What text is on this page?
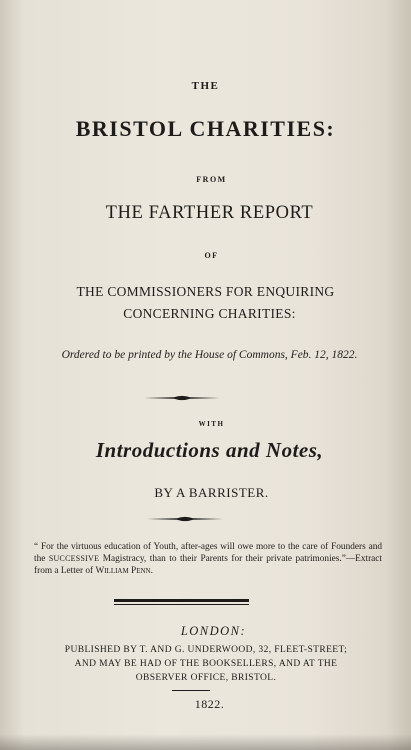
THE
BRISTOL CHARITIES:
FROM
THE FARTHER REPORT
OF
THE COMMISSIONERS FOR ENQUIRING
CONCERNING CHARITIES:
Ordered to be printed by the House of Commons, Feb. 12, 1822.
WITH
Introductions and Notes,
BY A BARRISTER.
“ For the virtuous education of Youth, after-ages will owe more to the care of Founders and the SUCCESSIVE Magistracy, than to their Parents for their private patrimonies.”—Extract from a Letter of William Penn.
LONDON:
PUBLISHED BY T. AND G. UNDERWOOD, 32, FLEET-STREET;
AND MAY BE HAD OF THE BOOKSELLERS, AND AT THE
OBSERVER OFFICE, BRISTOL.
1822.
